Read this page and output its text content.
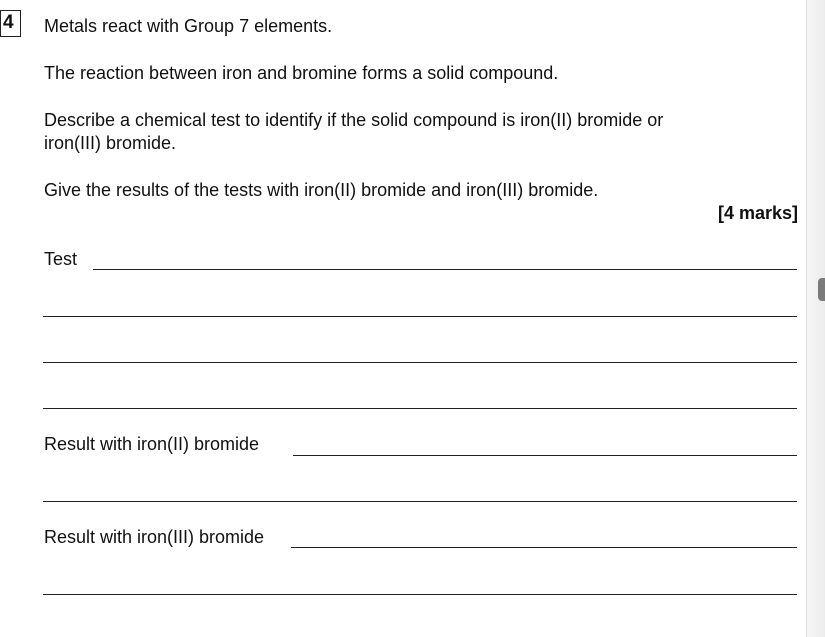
4	Metals react with Group 7 elements.
The reaction between iron and bromine forms a solid compound.
Describe a chemical test to identify if the solid compound is iron(II) bromide or
iron(III) bromide.
Give the results of the tests with iron(II) bromide and iron(III) bromide.
[4 marks]
Test
Result with iron(II) bromide
Result with iron(III) bromide
